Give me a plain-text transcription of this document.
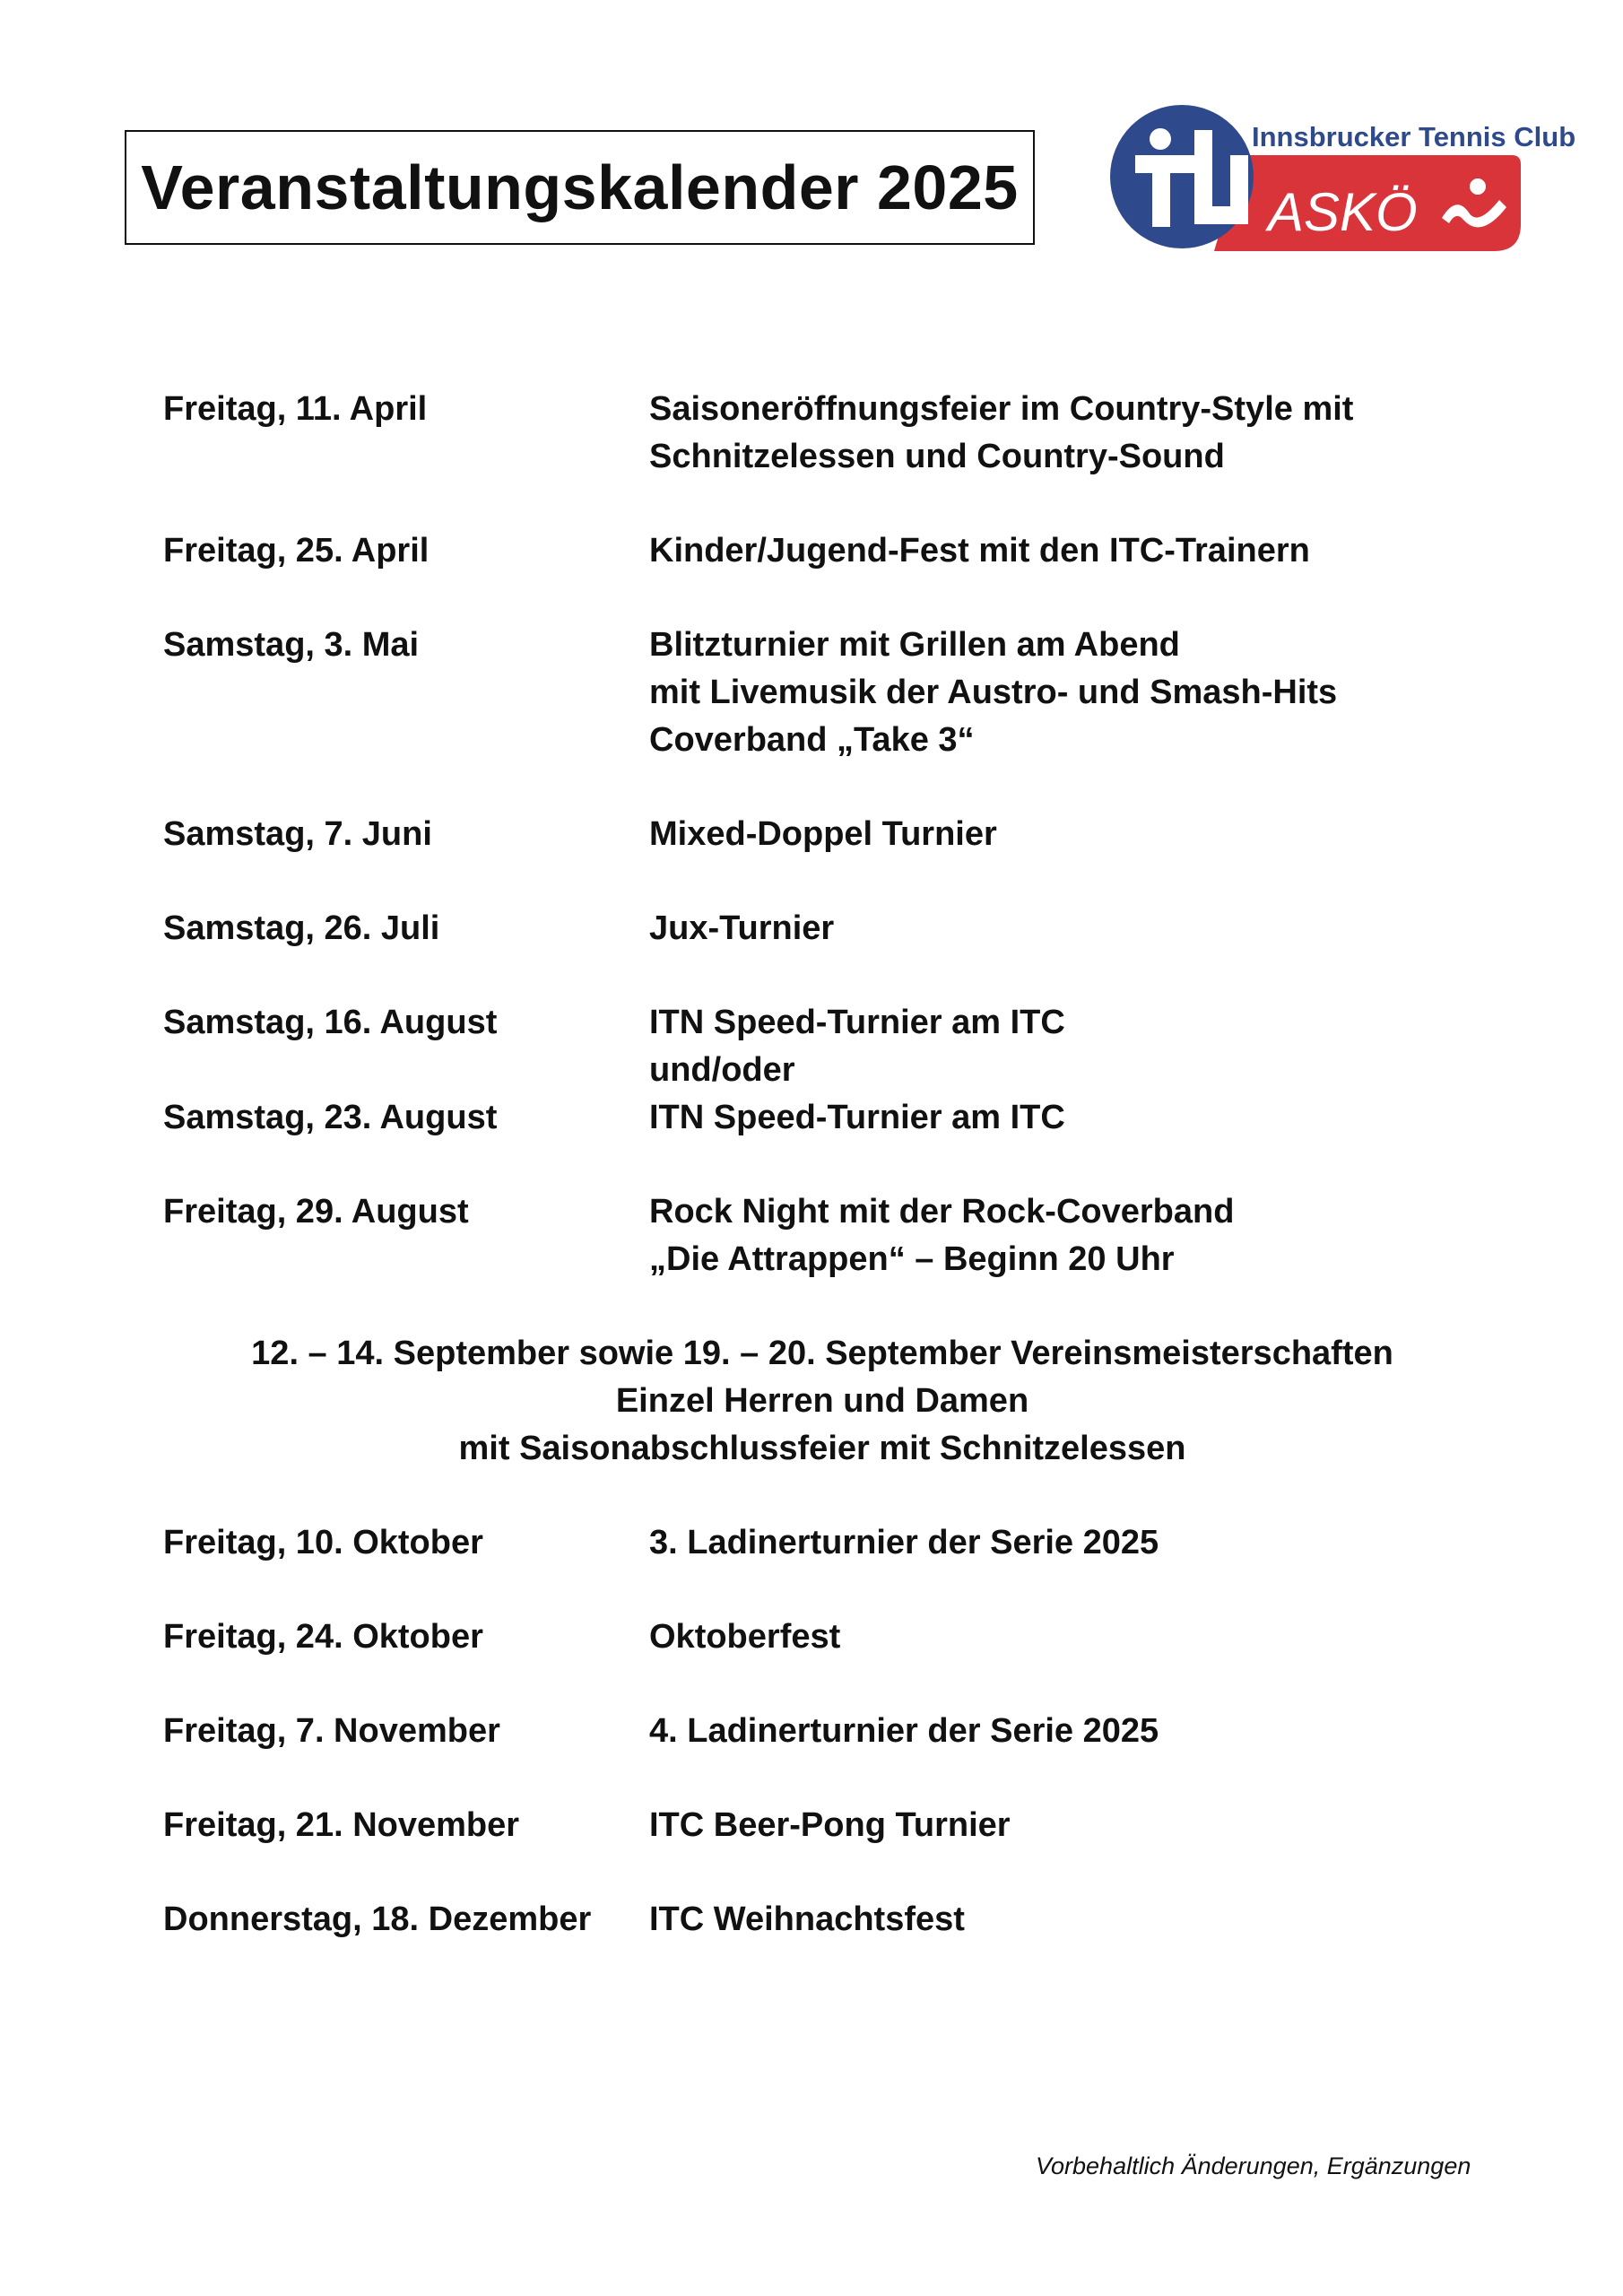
Veranstaltungskalender 2025
Innsbrucker Tennis Club
ASKÖ
Freitag, 11. April	Saisoneröffnungsfeier im Country-Style mit
Schnitzelessen und Country-Sound
Freitag, 25. April	Kinder/Jugend-Fest mit den ITC-Trainern
Samstag, 3. Mai	Blitzturnier mit Grillen am Abend
mit Livemusik der Austro- und Smash-Hits
Coverband „Take 3“
Samstag, 7. Juni	Mixed-Doppel Turnier
Samstag, 26. Juli	Jux-Turnier
Samstag, 16. August	ITN Speed-Turnier am ITC
und/oder
Samstag, 23. August	ITN Speed-Turnier am ITC
Freitag, 29. August	Rock Night mit der Rock-Coverband
„Die Attrappen“ – Beginn 20 Uhr
12. – 14. September sowie 19. – 20. September Vereinsmeisterschaften
Einzel Herren und Damen
mit Saisonabschlussfeier mit Schnitzelessen
Freitag, 10. Oktober	3. Ladinerturnier der Serie 2025
Freitag, 24. Oktober	Oktoberfest
Freitag, 7. November	4. Ladinerturnier der Serie 2025
Freitag, 21. November	ITC Beer-Pong Turnier
Donnerstag, 18. Dezember	ITC Weihnachtsfest
Vorbehaltlich Änderungen, Ergänzungen
